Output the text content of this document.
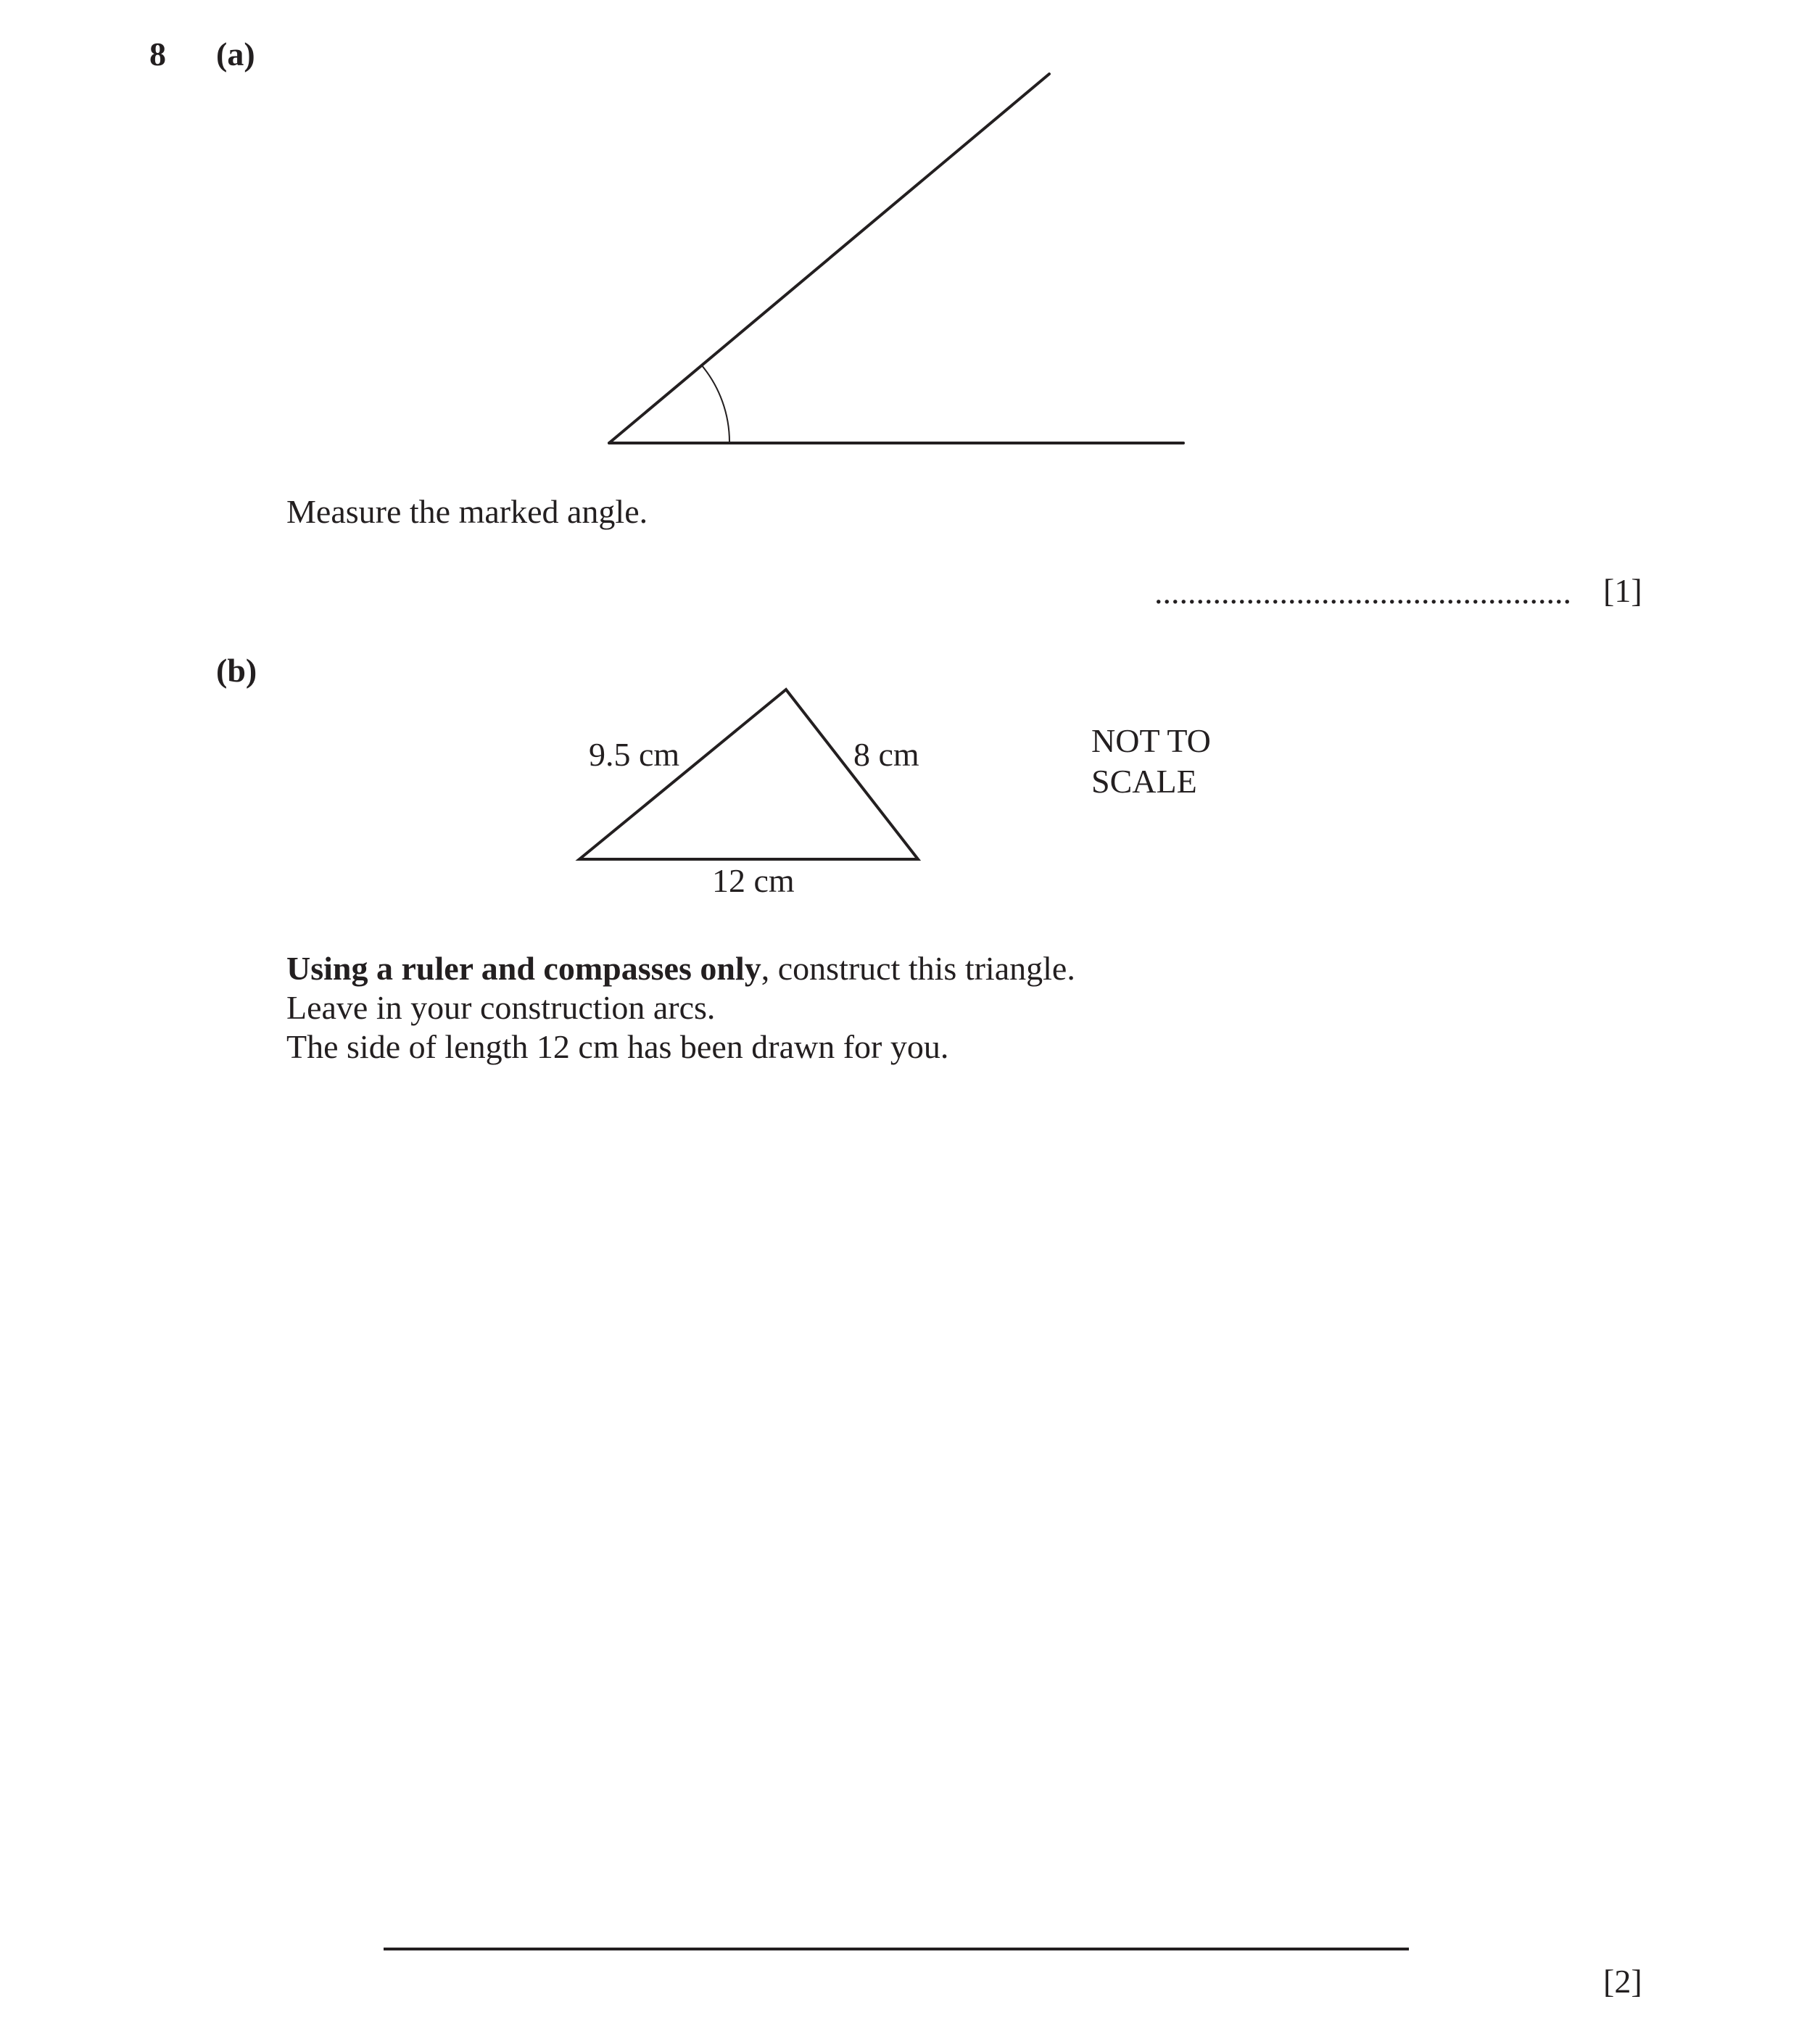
8 (a)
Measure the marked angle.
.................................................. [1]
(b)
9.5 cm	8 cm
12 cm
NOT TO
SCALE
Using a ruler and compasses only, construct this triangle.
Leave in your construction arcs.
The side of length 12 cm has been drawn for you.
[2]
